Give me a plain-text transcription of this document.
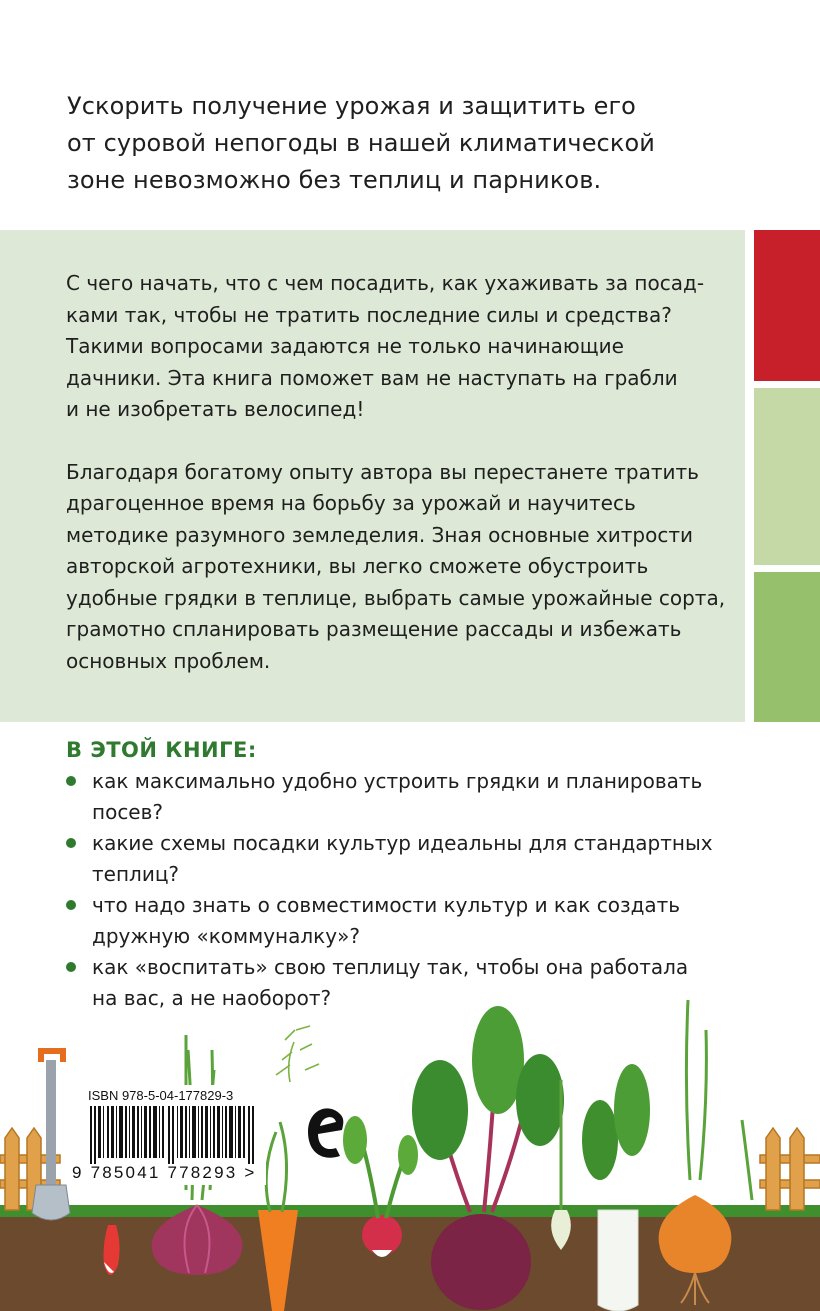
Ускорить получение урожая и защитить его

от суровой непогоды в нашей климатической

зоне невозможно без теплиц и парников.

С чего начать, что с чем посадить, как ухаживать за посад-
ками так, чтобы не тратить последние силы и средства?
Такими вопросами задаются не только начинающие
дачники. Эта книга поможет вам не наступать на грабли
и не изобретать велосипед!

Благодаря богатому опыту автора вы перестанете тратить
драгоценное время на борьбу за урожай и научитесь
методике разумного земледелия. Зная основные хитрости
авторской агротехники, вы легко сможете обустроить
удобные грядки в теплице, выбрать самые урожайные сорта,
грамотно спланировать размещение рассады и избежать
основных проблем.

В ЭТОЙ КНИГЕ:
как максимально удобно устроить грядки и планировать
посев?
какие схемы посадки культур идеальны для стандартных
теплиц?
что надо знать о совместимости культур и как создать
дружную «коммуналку»?
как «воспитать» свою теплицу так, чтобы она работала
на вас, а не наоборот?
ISBN 978-5-04-177829-3
9 785041 778293 >
